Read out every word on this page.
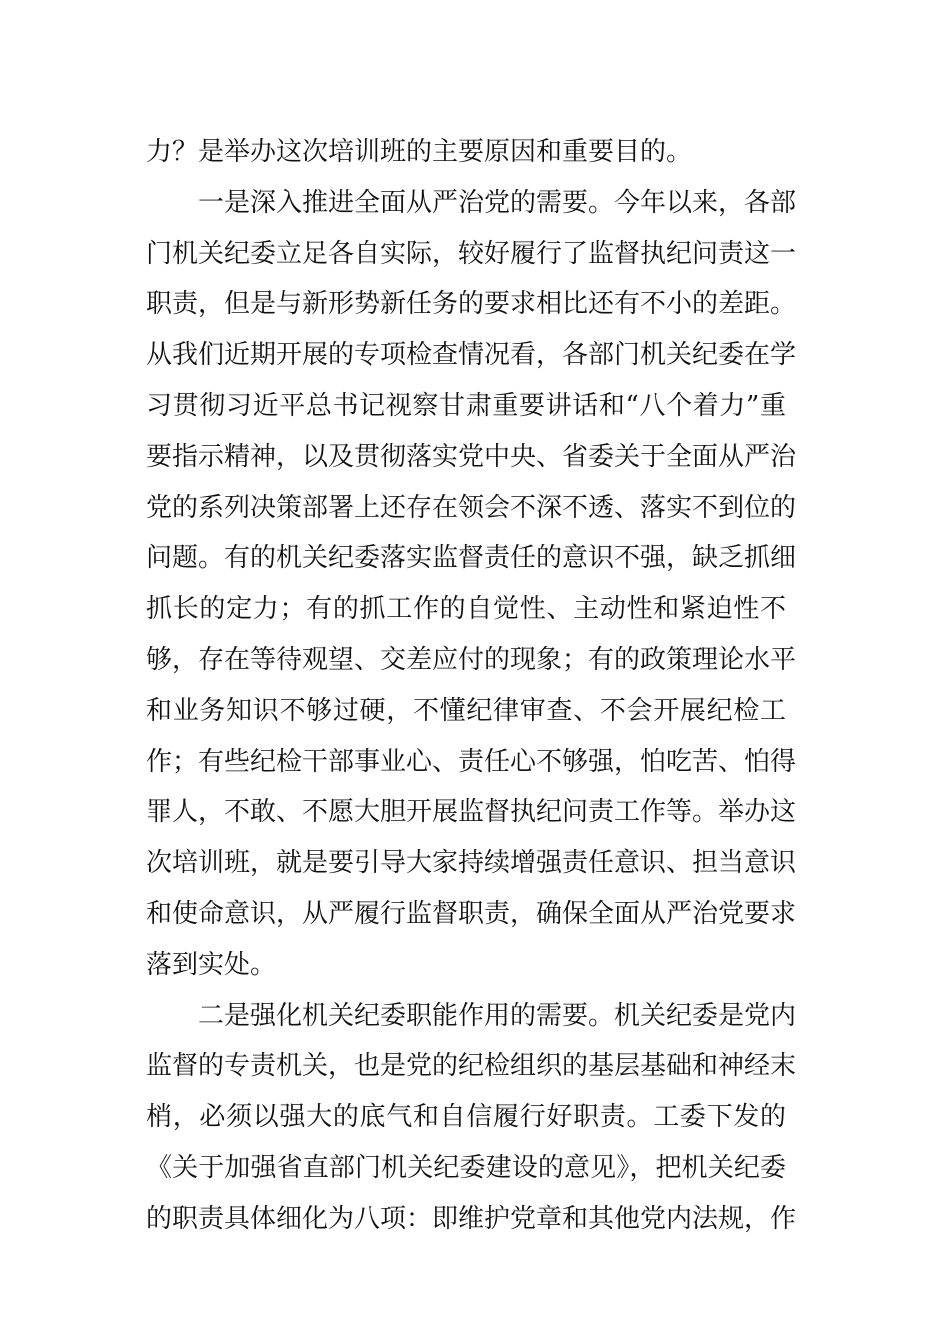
力？是举办这次培训班的主要原因和重要目的。
一是深入推进全面从严治党的需要。今年以来，各部
门机关纪委立足各自实际，较好履行了监督执纪问责这一
职责，但是与新形势新任务的要求相比还有不小的差距。
从我们近期开展的专项检查情况看，各部门机关纪委在学
习贯彻习近平总书记视察甘肃重要讲话和“八个着力”重
要指示精神，以及贯彻落实党中央、省委关于全面从严治
党的系列决策部署上还存在领会不深不透、落实不到位的
问题。有的机关纪委落实监督责任的意识不强，缺乏抓细
抓长的定力；有的抓工作的自觉性、主动性和紧迫性不
够，存在等待观望、交差应付的现象；有的政策理论水平
和业务知识不够过硬，不懂纪律审查、不会开展纪检工
作；有些纪检干部事业心、责任心不够强，怕吃苦、怕得
罪人，不敢、不愿大胆开展监督执纪问责工作等。举办这
次培训班，就是要引导大家持续增强责任意识、担当意识
和使命意识，从严履行监督职责，确保全面从严治党要求
落到实处。
二是强化机关纪委职能作用的需要。机关纪委是党内
监督的专责机关，也是党的纪检组织的基层基础和神经末
梢，必须以强大的底气和自信履行好职责。工委下发的
《关于加强省直部门机关纪委建设的意见》，把机关纪委
的职责具体细化为八项：即维护党章和其他党内法规，作
